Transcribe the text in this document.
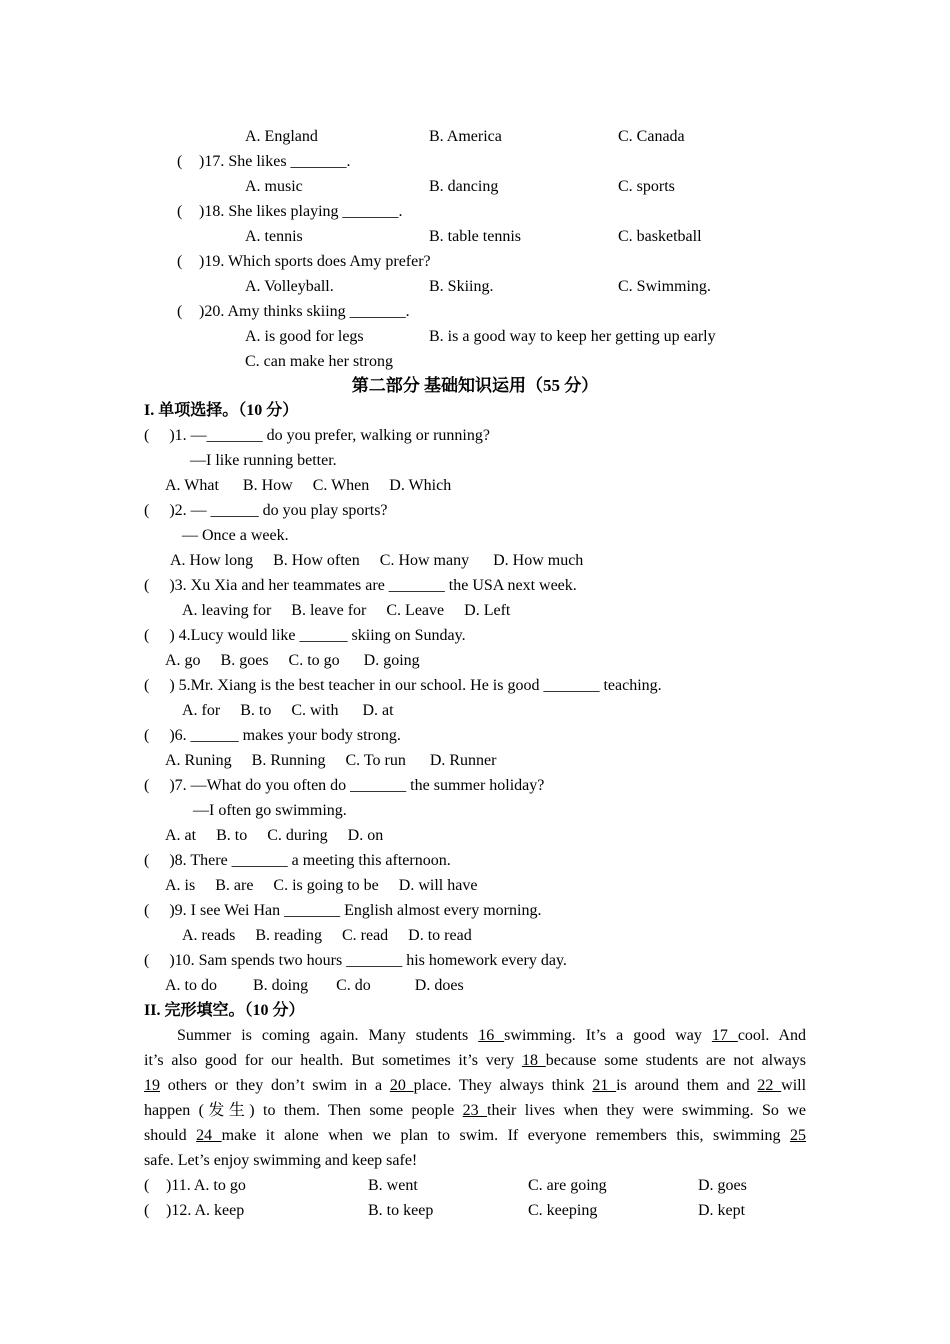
A. England	B. America	C. Canada
( )17. She likes _______.
A. music	B. dancing	C. sports
( )18. She likes playing _______.
A. tennis	B. table tennis	C. basketball
( )19. Which sports does Amy prefer?
A. Volleyball.	B. Skiing.	C. Swimming.
( )20. Amy thinks skiing _______.
A. is good for legs	B. is a good way to keep her getting up early
C. can make her strong
第二部分 基础知识运用（55 分）
I. 单项选择。（10 分）
(     )1. —_______ do you prefer, walking or running?
—I like running better.
A. What      B. How     C. When     D. Which
(     )2. — ______ do you play sports?
— Once a week.
A. How long     B. How often     C. How many      D. How much
(     )3. Xu Xia and her teammates are _______ the USA next week.
A. leaving for     B. leave for     C. Leave     D. Left
(     ) 4.Lucy would like ______ skiing on Sunday.
A. go     B. goes     C. to go      D. going
(     ) 5.Mr. Xiang is the best teacher in our school. He is good _______ teaching.
A. for     B. to     C. with      D. at
(     )6. ______ makes your body strong.
A. Runing     B. Running     C. To run      D. Runner
(     )7. —What do you often do _______ the summer holiday?
—I often go swimming.
A. at     B. to     C. during     D. on
(     )8. There _______ a meeting this afternoon.
A. is     B. are     C. is going to be     D. will have
(     )9. I see Wei Han _______ English almost every morning.
A. reads     B. reading     C. read     D. to read
(     )10. Sam spends two hours _______ his homework every day.
A. to do         B. doing       C. do           D. does
II. 完形填空。（10 分）
Summer is coming again. Many students 16 swimming. It’s a good way 17 cool. And
it’s also good for our health. But sometimes it’s very 18 because some students are not always
19 others or they don’t swim in a 20 place. They always think 21 is around them and 22 will
happen (发生) to them. Then some people 23 their lives when they were swimming. So we
should 24 make it alone when we plan to swim. If everyone remembers this, swimming 25
safe. Let’s enjoy swimming and keep safe!
( )11. A. to go	B. went	C. are going	D. goes
( )12. A. keep	B. to keep	C. keeping	D. kept
